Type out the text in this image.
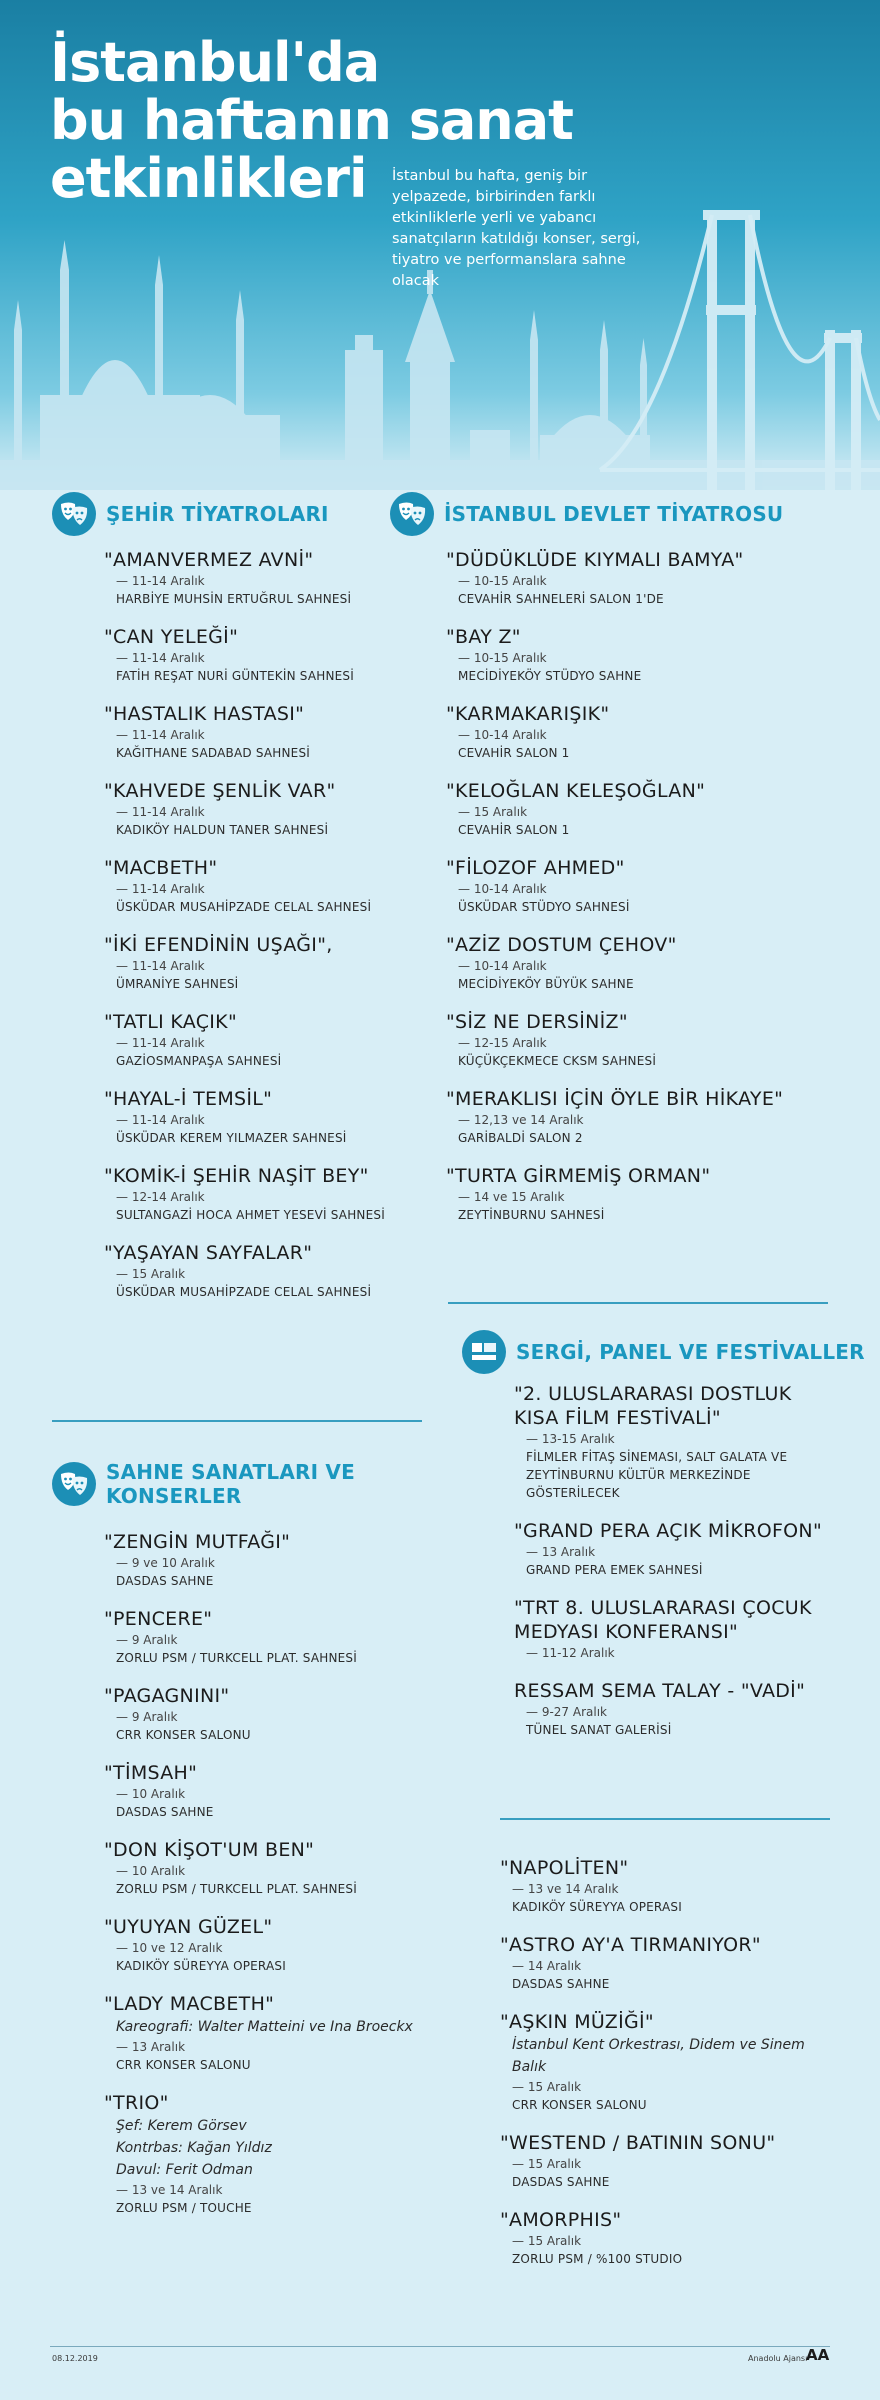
İstanbul'da
bu haftanın sanat
etkinlikleri	İstanbul bu hafta, geniş bir yelpazede, birbirinden farklı etkinliklerle yerli ve yabancı sanatçıların katıldığı konser, sergi, tiyatro ve performanslara sahne olacak
ŞEHİR TİYATROLARI
"AMANVERMEZ AVNİ"
— 11-14 Aralık
HARBİYE MUHSİN ERTUĞRUL SAHNESİ
"CAN YELEĞİ"
— 11-14 Aralık
FATİH REŞAT NURİ GÜNTEKİN SAHNESİ
"HASTALIK HASTASI"
— 11-14 Aralık
KAĞITHANE SADABAD SAHNESİ
"KAHVEDE ŞENLİK VAR"
— 11-14 Aralık
KADIKÖY HALDUN TANER SAHNESİ
"MACBETH"
— 11-14 Aralık
ÜSKÜDAR MUSAHİPZADE CELAL SAHNESİ
"İKİ EFENDİNİN UŞAĞI",
— 11-14 Aralık
ÜMRANİYE SAHNESİ
"TATLI KAÇIK"
— 11-14 Aralık
GAZİOSMANPAŞA SAHNESİ
"HAYAL-İ TEMSİL"
— 11-14 Aralık
ÜSKÜDAR KEREM YILMAZER SAHNESİ
"KOMİK-İ ŞEHİR NAŞİT BEY"
— 12-14 Aralık
SULTANGAZİ HOCA AHMET YESEVİ SAHNESİ
"YAŞAYAN SAYFALAR"
— 15 Aralık
ÜSKÜDAR MUSAHİPZADE CELAL SAHNESİ
İSTANBUL DEVLET TİYATROSU
"DÜDÜKLÜDE KIYMALI BAMYA"
— 10-15 Aralık
CEVAHİR SAHNELERİ SALON 1'DE
"BAY Z"
— 10-15 Aralık
MECİDİYEKÖY STÜDYO SAHNE
"KARMAKARIŞIK"
— 10-14 Aralık
CEVAHİR SALON 1
"KELOĞLAN KELEŞOĞLAN"
— 15 Aralık
CEVAHİR SALON 1
"FİLOZOF AHMED"
— 10-14 Aralık
ÜSKÜDAR STÜDYO SAHNESİ
"AZİZ DOSTUM ÇEHOV"
— 10-14 Aralık
MECİDİYEKÖY BÜYÜK SAHNE
"SİZ NE DERSİNİZ"
— 12-15 Aralık
KÜÇÜKÇEKMECE CKSM SAHNESİ
"MERAKLISI İÇİN ÖYLE BİR HİKAYE"
— 12,13 ve 14 Aralık
GARİBALDİ SALON 2
"TURTA GİRMEMİŞ ORMAN"
— 14 ve 15 Aralık
ZEYTİNBURNU SAHNESİ
SERGİ, PANEL VE FESTİVALLER
"2. ULUSLARARASI DOSTLUK KISA FİLM FESTİVALİ"
— 13-15 Aralık
FİLMLER FİTAŞ SİNEMASI, SALT GALATA VE ZEYTİNBURNU KÜLTÜR MERKEZİNDE GÖSTERİLECEK
"GRAND PERA AÇIK MİKROFON"
— 13 Aralık
GRAND PERA EMEK SAHNESİ
"TRT 8. ULUSLARARASI ÇOCUK MEDYASI KONFERANSI"
— 11-12 Aralık
RESSAM SEMA TALAY - "VADİ"
— 9-27 Aralık
TÜNEL SANAT GALERİSİ
SAHNE SANATLARI VE KONSERLER
"ZENGİN MUTFAĞI"
— 9 ve 10 Aralık
DASDAS SAHNE
"PENCERE"
— 9 Aralık
ZORLU PSM / TURKCELL PLAT. SAHNESİ
"PAGAGNINI"
— 9 Aralık
CRR KONSER SALONU
"TİMSAH"
— 10 Aralık
DASDAS SAHNE
"DON KİŞOT'UM BEN"
— 10 Aralık
ZORLU PSM / TURKCELL PLAT. SAHNESİ
"UYUYAN GÜZEL"
— 10 ve 12 Aralık
KADIKÖY SÜREYYA OPERASI
"LADY MACBETH"
Kareografi: Walter Matteini ve Ina Broeckx
— 13 Aralık
CRR KONSER SALONU
"TRIO"
Şef: Kerem Görsev
Kontrbas: Kağan Yıldız
Davul: Ferit Odman
— 13 ve 14 Aralık
ZORLU PSM / TOUCHE
"NAPOLİTEN"
— 13 ve 14 Aralık
KADIKÖY SÜREYYA OPERASI
"ASTRO AY'A TIRMANIYOR"
— 14 Aralık
DASDAS SAHNE
"AŞKIN MÜZİĞİ"
İstanbul Kent Orkestrası, Didem ve Sinem Balık
— 15 Aralık
CRR KONSER SALONU
"WESTEND / BATININ SONU"
— 15 Aralık
DASDAS SAHNE
"AMORPHIS"
— 15 Aralık
ZORLU PSM / %100 STUDIO
08.12.2019	Anadolu Ajansı
AA
